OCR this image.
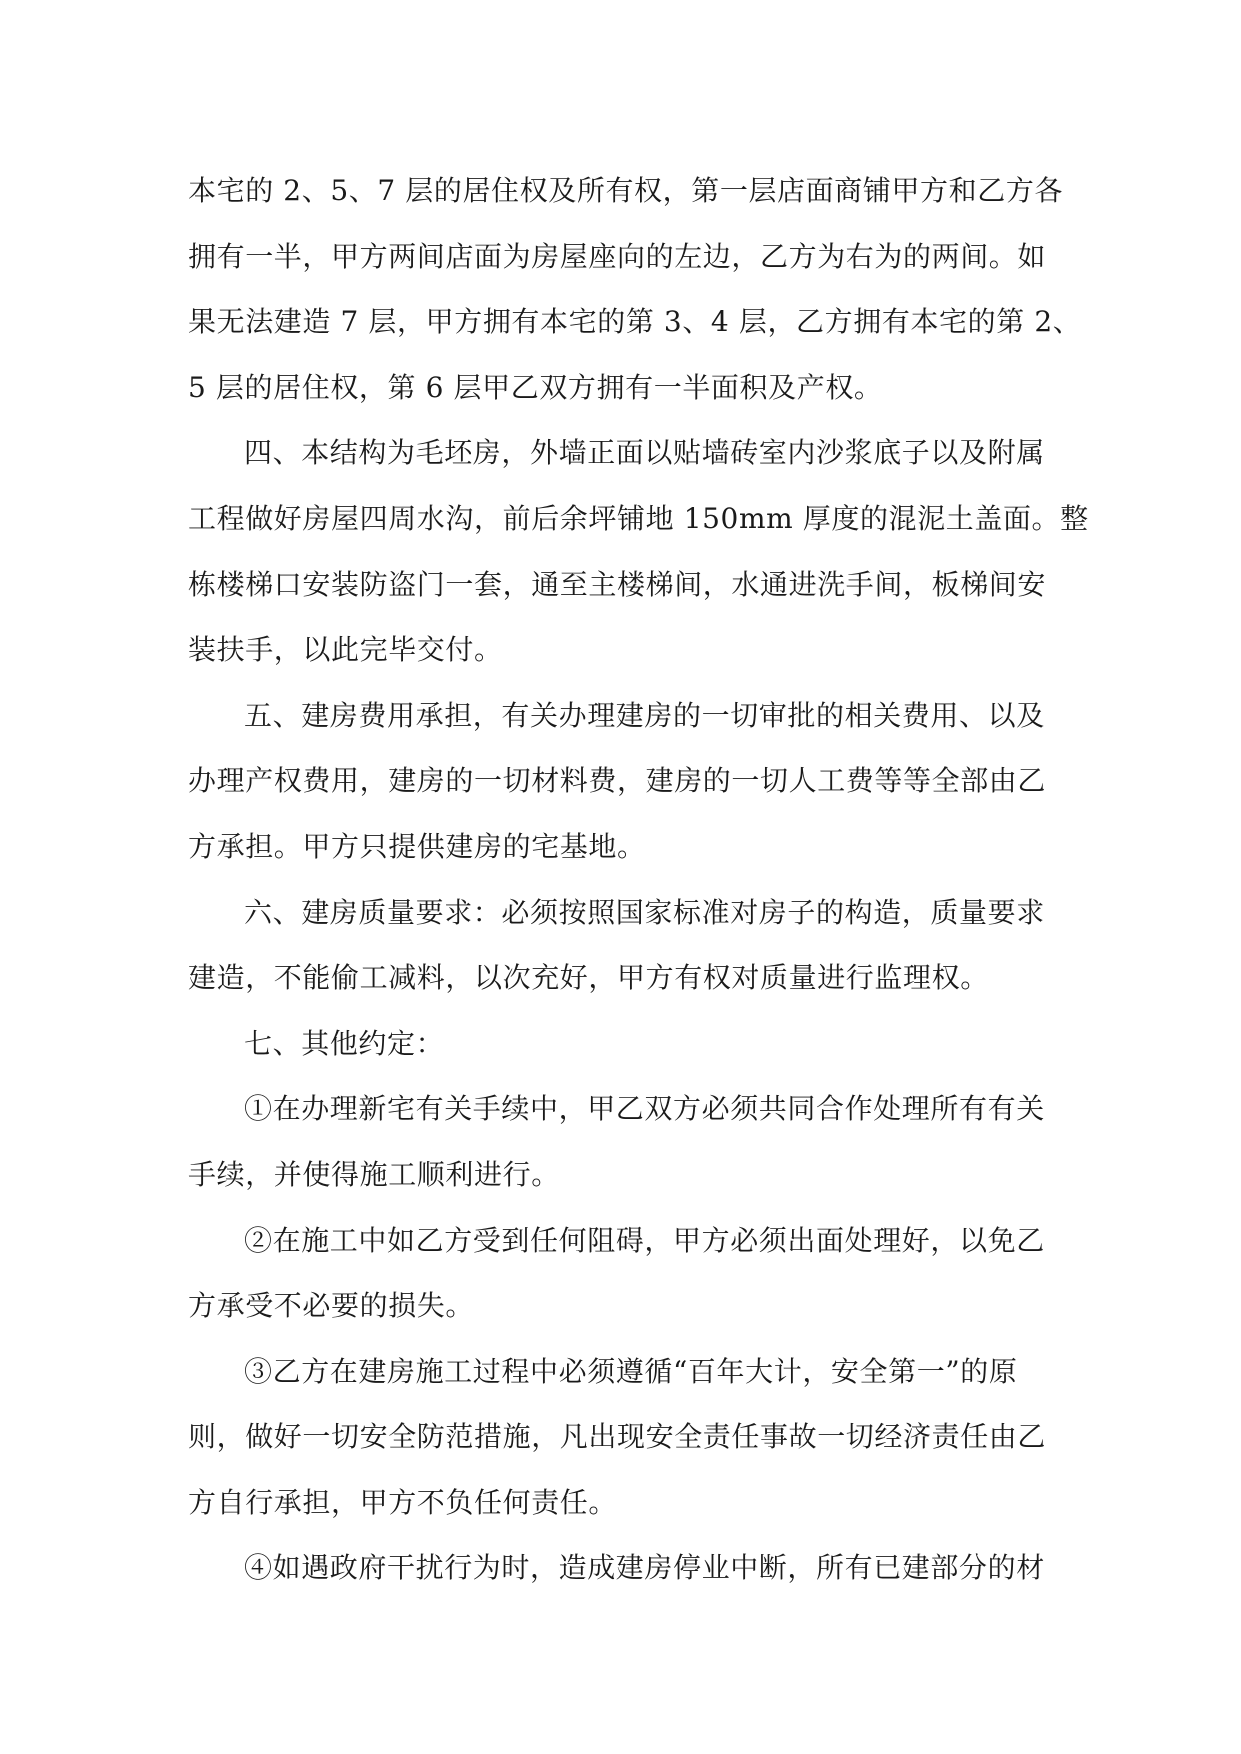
本宅的 2、5、7 层的居住权及所有权，第一层店面商铺甲方和乙方各
拥有一半，甲方两间店面为房屋座向的左边，乙方为右为的两间。如
果无法建造 7 层，甲方拥有本宅的第 3、4 层，乙方拥有本宅的第 2、
5 层的居住权，第 6 层甲乙双方拥有一半面积及产权。

四、本结构为毛坯房，外墙正面以贴墙砖室内沙浆底子以及附属
工程做好房屋四周水沟，前后余坪铺地 150mm 厚度的混泥土盖面。整
栋楼梯口安装防盗门一套，通至主楼梯间，水通进洗手间，板梯间安
装扶手，以此完毕交付。

五、建房费用承担，有关办理建房的一切审批的相关费用、以及
办理产权费用，建房的一切材料费，建房的一切人工费等等全部由乙
方承担。甲方只提供建房的宅基地。

六、建房质量要求：必须按照国家标准对房子的构造，质量要求
建造，不能偷工减料，以次充好，甲方有权对质量进行监理权。

七、其他约定：

①在办理新宅有关手续中，甲乙双方必须共同合作处理所有有关
手续，并使得施工顺利进行。

②在施工中如乙方受到任何阻碍，甲方必须出面处理好，以免乙
方承受不必要的损失。

③乙方在建房施工过程中必须遵循“百年大计，安全第一”的原
则，做好一切安全防范措施，凡出现安全责任事故一切经济责任由乙
方自行承担，甲方不负任何责任。

④如遇政府干扰行为时，造成建房停业中断，所有已建部分的材
